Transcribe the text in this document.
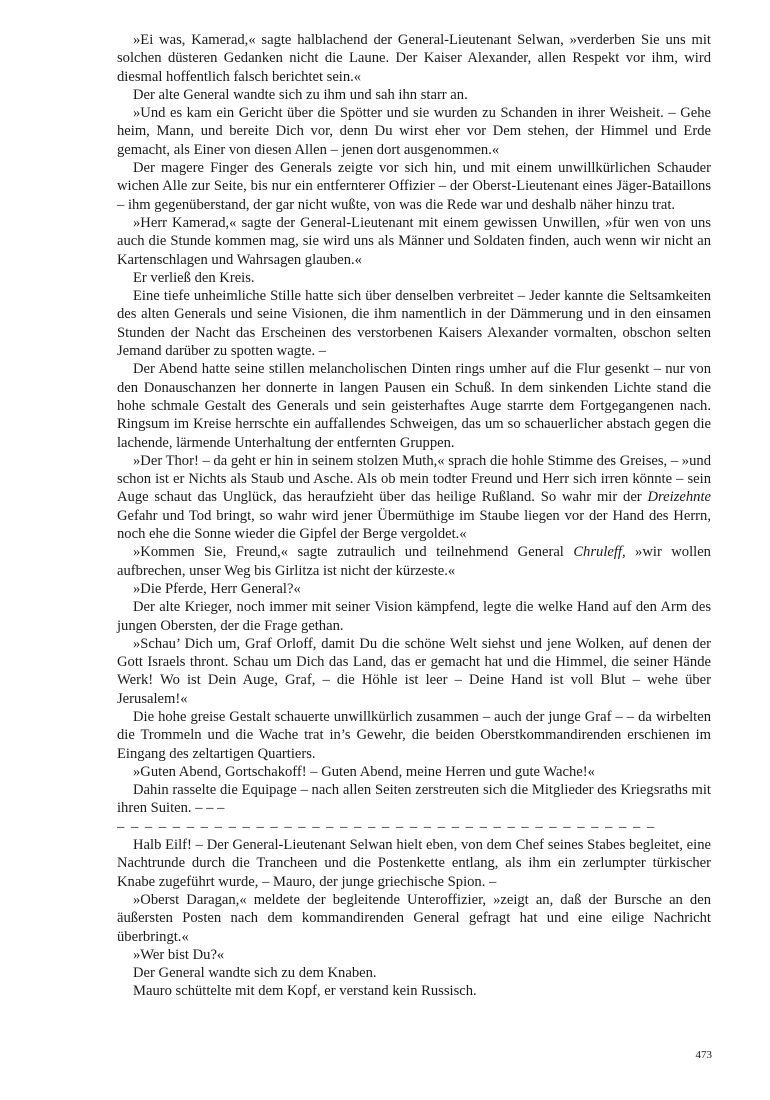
»Ei was, Kamerad,« sagte halblachend der General-Lieutenant Selwan, »verderben Sie uns mit solchen düsteren Gedanken nicht die Laune. Der Kaiser Alexander, allen Respekt vor ihm, wird diesmal hoffentlich falsch berichtet sein.«

Der alte General wandte sich zu ihm und sah ihn starr an.

»Und es kam ein Gericht über die Spötter und sie wurden zu Schanden in ihrer Weisheit. – Gehe heim, Mann, und bereite Dich vor, denn Du wirst eher vor Dem stehen, der Himmel und Erde gemacht, als Einer von diesen Allen – jenen dort ausgenommen.«

Der magere Finger des Generals zeigte vor sich hin, und mit einem unwillkürlichen Schauder wichen Alle zur Seite, bis nur ein entfernterer Offizier – der Oberst-Lieutenant eines Jäger-Bataillons – ihm gegenüberstand, der gar nicht wußte, von was die Rede war und deshalb näher hinzu trat.

»Herr Kamerad,« sagte der General-Lieutenant mit einem gewissen Unwillen, »für wen von uns auch die Stunde kommen mag, sie wird uns als Männer und Soldaten finden, auch wenn wir nicht an Kartenschlagen und Wahrsagen glauben.«

Er verließ den Kreis.

Eine tiefe unheimliche Stille hatte sich über denselben verbreitet – Jeder kannte die Seltsamkeiten des alten Generals und seine Visionen, die ihm namentlich in der Dämmerung und in den einsamen Stunden der Nacht das Erscheinen des verstorbenen Kaisers Alexander vormalten, obschon selten Jemand darüber zu spotten wagte. –

Der Abend hatte seine stillen melancholischen Dinten rings umher auf die Flur gesenkt – nur von den Donauschanzen her donnerte in langen Pausen ein Schuß. In dem sinkenden Lichte stand die hohe schmale Gestalt des Generals und sein geisterhaftes Auge starrte dem Fortgegangenen nach. Ringsum im Kreise herrschte ein auffallendes Schweigen, das um so schauerlicher abstach gegen die lachende, lärmende Unterhaltung der entfernten Gruppen.

»Der Thor! – da geht er hin in seinem stolzen Muth,« sprach die hohle Stimme des Greises, – »und schon ist er Nichts als Staub und Asche. Als ob mein todter Freund und Herr sich irren könnte – sein Auge schaut das Unglück, das heraufzieht über das heilige Rußland. So wahr mir der Dreizehnte Gefahr und Tod bringt, so wahr wird jener Übermüthige im Staube liegen vor der Hand des Herrn, noch ehe die Sonne wieder die Gipfel der Berge vergoldet.«

»Kommen Sie, Freund,« sagte zutraulich und teilnehmend General Chruleff, »wir wollen aufbrechen, unser Weg bis Girlitza ist nicht der kürzeste.«

»Die Pferde, Herr General?«

Der alte Krieger, noch immer mit seiner Vision kämpfend, legte die welke Hand auf den Arm des jungen Obersten, der die Frage gethan.

»Schau’ Dich um, Graf Orloff, damit Du die schöne Welt siehst und jene Wolken, auf denen der Gott Israels thront. Schau um Dich das Land, das er gemacht hat und die Himmel, die seiner Hände Werk! Wo ist Dein Auge, Graf, – die Höhle ist leer – Deine Hand ist voll Blut – wehe über Jerusalem!«

Die hohe greise Gestalt schauerte unwillkürlich zusammen – auch der junge Graf – – da wirbelten die Trommeln und die Wache trat in’s Gewehr, die beiden Oberstkommandirenden erschienen im Eingang des zeltartigen Quartiers.

»Guten Abend, Gortschakoff! – Guten Abend, meine Herren und gute Wache!«

Dahin rasselte die Equipage – nach allen Seiten zerstreuten sich die Mitglieder des Kriegsraths mit ihren Suiten. – – –

– – – – – – – – – – – – – – – – – – – – – – – – – – – – – – – – – – – – – – –

Halb Eilf! – Der General-Lieutenant Selwan hielt eben, von dem Chef seines Stabes begleitet, eine Nachtrunde durch die Trancheen und die Postenkette entlang, als ihm ein zerlumpter türkischer Knabe zugeführt wurde, – Mauro, der junge griechische Spion. –

»Oberst Daragan,« meldete der begleitende Unteroffizier, »zeigt an, daß der Bursche an den äußersten Posten nach dem kommandirenden General gefragt hat und eine eilige Nachricht überbringt.«

»Wer bist Du?«

Der General wandte sich zu dem Knaben.

Mauro schüttelte mit dem Kopf, er verstand kein Russisch.

473
